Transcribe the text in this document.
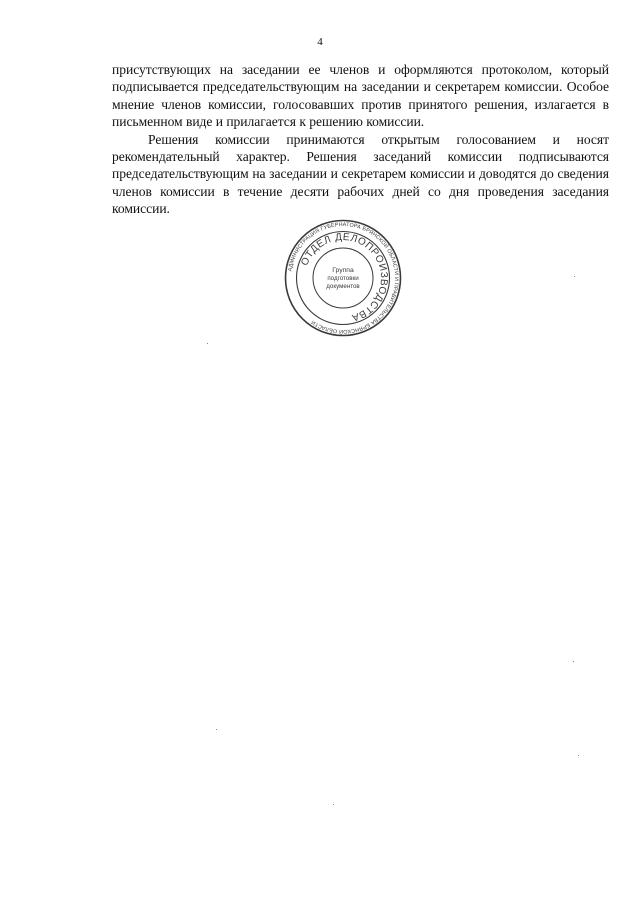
4

присутствующих на заседании ее членов и оформляются протоколом, который подписывается председательствующим на заседании и секретарем комиссии. Особое мнение членов комиссии, голосовавших против принятого решения, излагается в письменном виде и прилагается к решению комиссии.

Решения комиссии принимаются открытым голосованием и носят рекомендательный характер. Решения заседаний комиссии подписываются председательствующим на заседании и секретарем комиссии и доводятся до сведения членов комиссии в течение десяти рабочих дней со дня проведения заседания комиссии.

АДМИНИСТРАЦИЯ ГУБЕРНАТОРА БРЯНСКОЙ ОБЛАСТИ И ПРАВИТЕЛЬСТВА БРЯНСКОЙ ОБЛАСТИ
ОТДЕЛ ДЕЛОПРОИЗВОДСТВА
Группа
подготовки
документов
